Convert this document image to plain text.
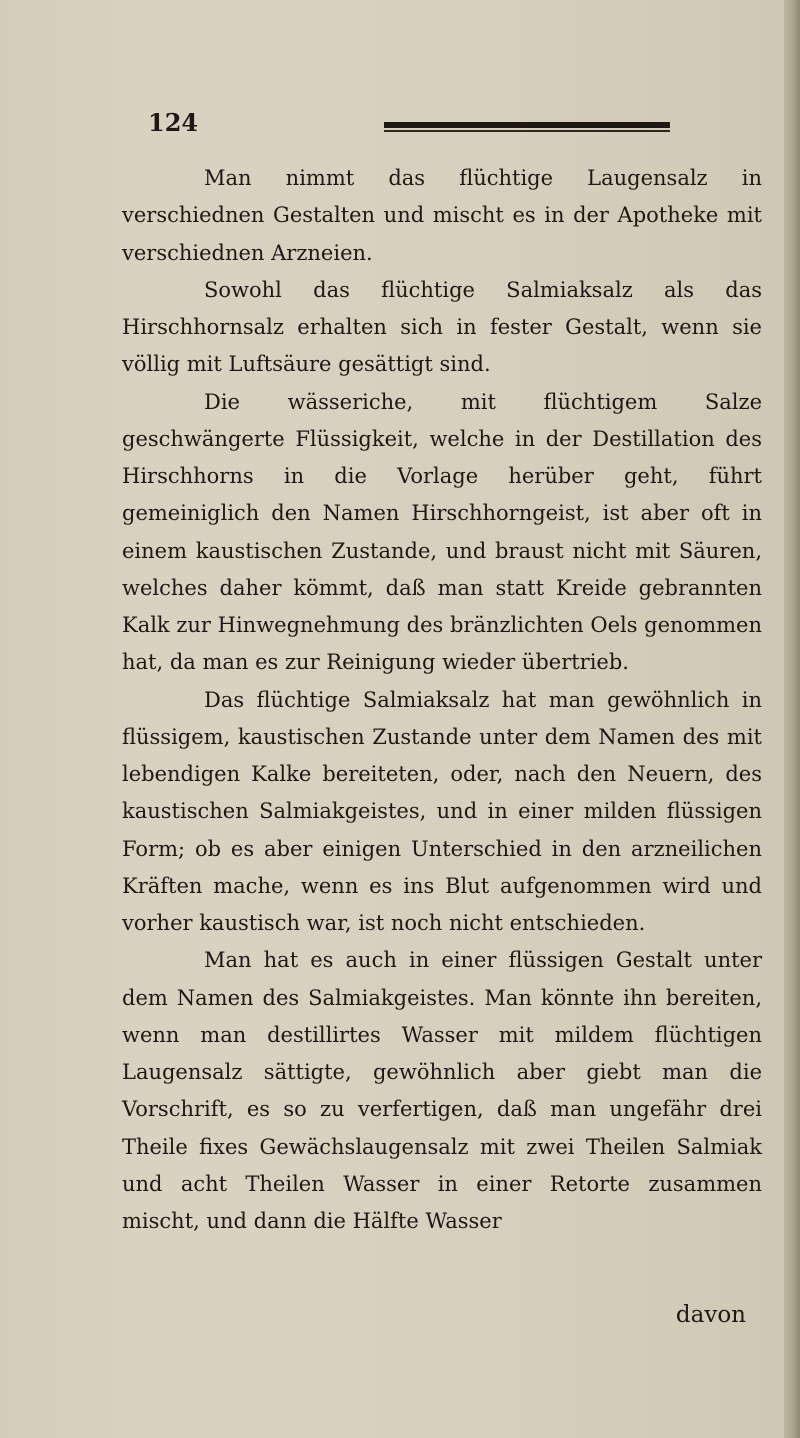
124

Man nimmt das flüchtige Laugensalz in verschiednen Gestalten und mischt es in der Apotheke mit verschiednen Arzneien.

Sowohl das flüchtige Salmiaksalz als das Hirschhornsalz erhalten sich in fester Gestalt, wenn sie völlig mit Luftsäure gesättigt sind.

Die wässeriche, mit flüchtigem Salze geschwängerte Flüssigkeit, welche in der Destillation des Hirschhorns in die Vorlage herüber geht, führt gemeiniglich den Namen Hirschhorngeist, ist aber oft in einem kaustischen Zustande, und braust nicht mit Säuren, welches daher kömmt, daß man statt Kreide gebrannten Kalk zur Hinwegnehmung des bränzlichten Oels genommen hat, da man es zur Reinigung wieder übertrieb.

Das flüchtige Salmiaksalz hat man gewöhnlich in flüssigem, kaustischen Zustande unter dem Namen des mit lebendigen Kalke bereiteten, oder, nach den Neuern, des kaustischen Salmiakgeistes, und in einer milden flüssigen Form; ob es aber einigen Unterschied in den arzneilichen Kräften mache, wenn es ins Blut aufgenommen wird und vorher kaustisch war, ist noch nicht entschieden.

Man hat es auch in einer flüssigen Gestalt unter dem Namen des Salmiakgeistes. Man könnte ihn bereiten, wenn man destillirtes Wasser mit mildem flüchtigen Laugensalz sättigte, gewöhnlich aber giebt man die Vorschrift, es so zu verfertigen, daß man ungefähr drei Theile fixes Gewächslaugensalz mit zwei Theilen Salmiak und acht Theilen Wasser in einer Retorte zusammen mischt, und dann die Hälfte Wasser

davon
